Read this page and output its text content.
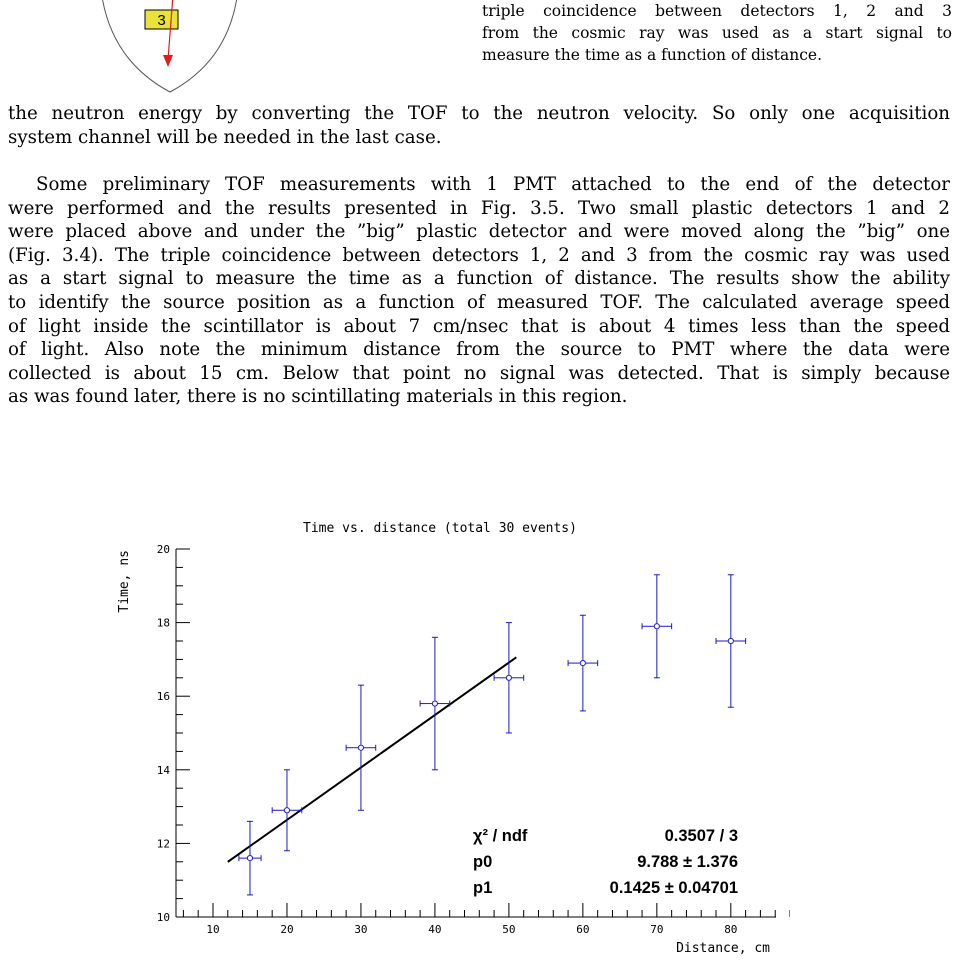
3
triple coincidence between detectors 1, 2 and 3
from the cosmic ray was used as a start signal to
measure the time as a function of distance.
the neutron energy by converting the TOF to the neutron velocity. So only one acquisition
system channel will be needed in the last case.
Some preliminary TOF measurements with 1 PMT attached to the end of the detector
were performed and the results presented in Fig. 3.5. Two small plastic detectors 1 and 2
were placed above and under the ”big” plastic detector and were moved along the ”big” one
(Fig. 3.4). The triple coincidence between detectors 1, 2 and 3 from the cosmic ray was used
as a start signal to measure the time as a function of distance. The results show the ability
to identify the source position as a function of measured TOF. The calculated average speed
of light inside the scintillator is about 7 cm/nsec that is about 4 times less than the speed
of light. Also note the minimum distance from the source to PMT where the data were
collected is about 15 cm. Below that point no signal was detected. That is simply because
as was found later, there is no scintillating materials in this region.
Time vs. distance (total 30 events)
Time, ns
Distance, cm
10
12
14
16
18
20
10	20	30	40	50	60	70	80
χ² / ndf	0.3507 / 3
p0	9.788 ± 1.376
p1	0.1425 ± 0.04701
